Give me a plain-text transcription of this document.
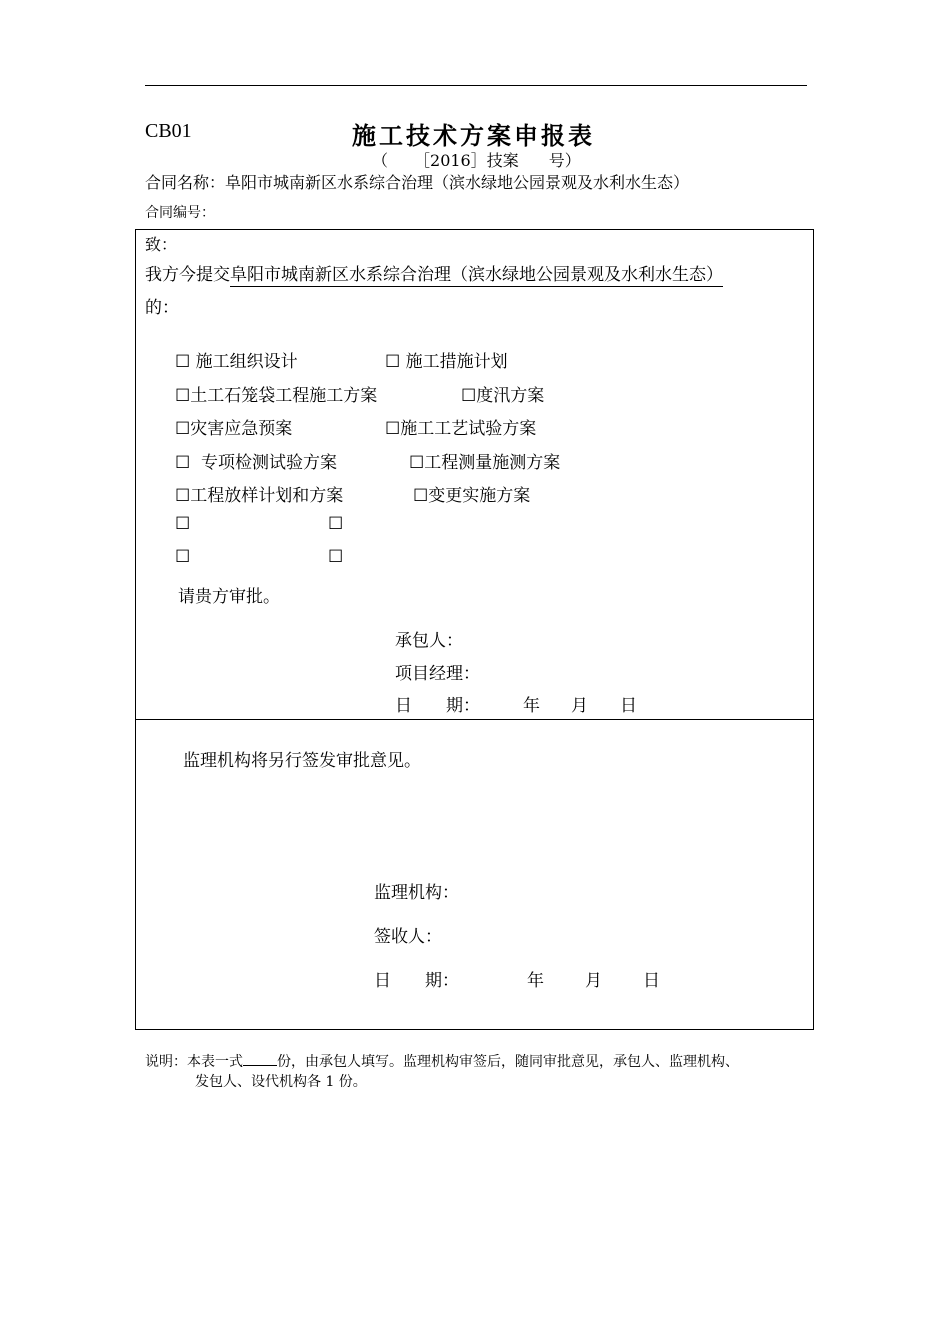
CB01	施工技术方案申报表
（ ［2016］技案 号）
合同名称：阜阳市城南新区水系综合治理（滨水绿地公园景观及水利水生态）
合同编号：
致：
我方今提交阜阳市城南新区水系综合治理（滨水绿地公园景观及水利水生态）
的：
☐ 施工组织设计	☐ 施工措施计划
☐土工石笼袋工程施工方案	☐度汛方案
☐灾害应急预案	☐施工工艺试验方案
☐  专项检测试验方案	☐工程测量施测方案
☐工程放样计划和方案	☐变更实施方案
☐	☐
☐	☐
请贵方审批。
承包人：
项目经理：
日　　期：	年 月 日
监理机构将另行签发审批意见。
监理机构：
签收人：
日　　期：	年 月 日
说明：本表一式 份，由承包人填写。监理机构审签后，随同审批意见，承包人、监理机构、
发包人、设代机构各 1 份。
